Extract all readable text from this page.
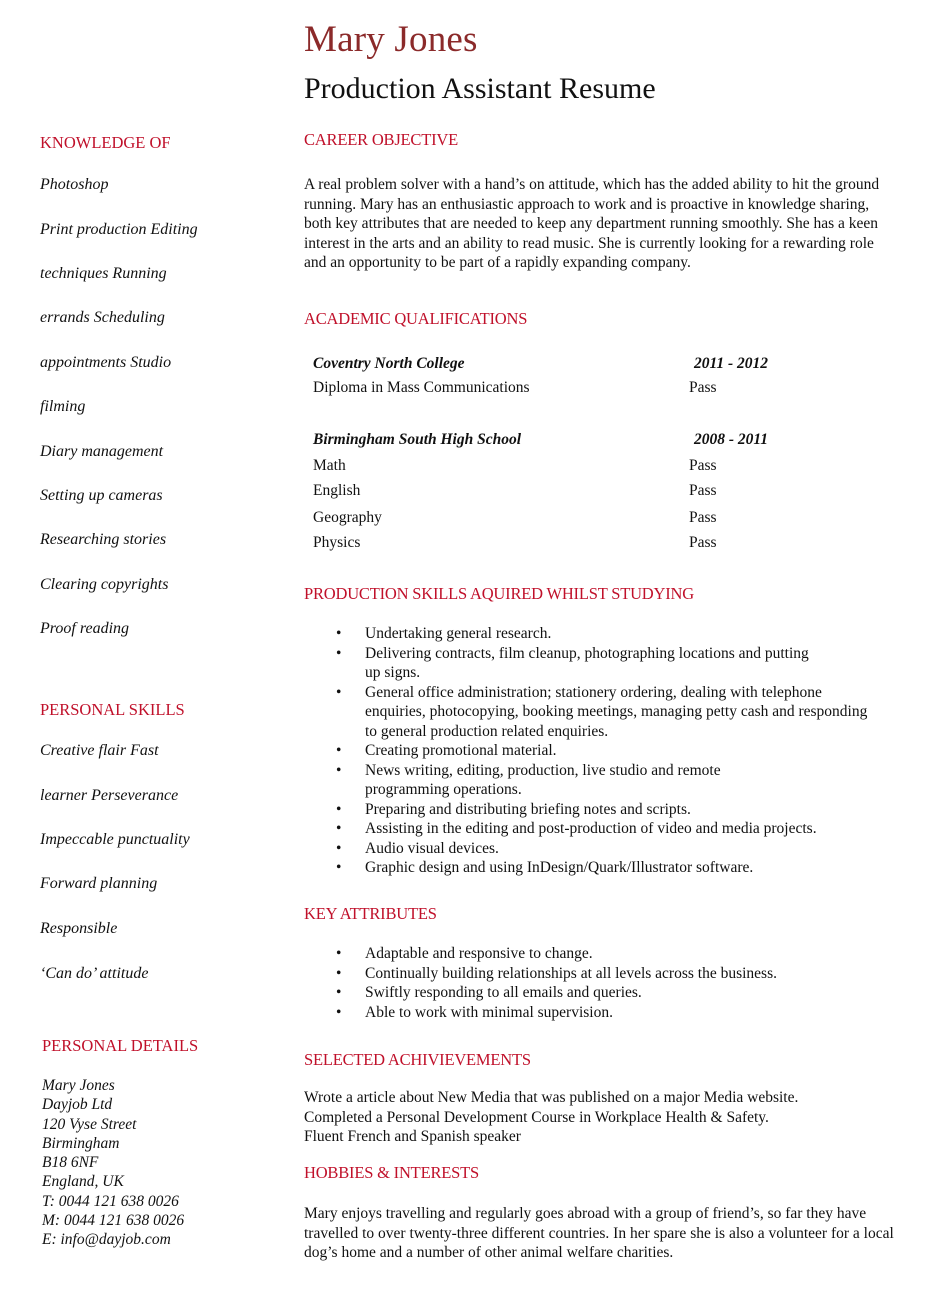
Mary Jones
Production Assistant Resume
KNOWLEDGE OF
Photoshop
Print production Editing
techniques Running
errands Scheduling
appointments Studio
filming
Diary management
Setting up cameras
Researching stories
Clearing copyrights
Proof reading
PERSONAL SKILLS
Creative flair Fast
learner Perseverance
Impeccable punctuality
Forward planning
Responsible
‘Can do’ attitude
PERSONAL DETAILS
Mary Jones
Dayjob Ltd
120 Vyse Street
Birmingham
B18 6NF
England, UK
T: 0044 121 638 0026
M: 0044 121 638 0026
E: info@dayjob.com
CAREER OBJECTIVE
A real problem solver with a hand’s on attitude, which has the added ability to hit the ground running. Mary has an enthusiastic approach to work and is proactive in knowledge sharing, both key attributes that are needed to keep any department running smoothly. She has a keen interest in the arts and an ability to read music. She is currently looking for a rewarding role and an opportunity to be part of a rapidly expanding company.
ACADEMIC QUALIFICATIONS
Coventry North College	2011 - 2012
Diploma in Mass Communications	Pass
Birmingham South High School	2008 - 2011
Math	Pass
English	Pass
Geography	Pass
Physics	Pass
PRODUCTION SKILLS AQUIRED WHILST STUDYING
• Undertaking general research.
• Delivering contracts, film cleanup, photographing locations and putting up signs.
• General office administration; stationery ordering, dealing with telephone enquiries, photocopying, booking meetings, managing petty cash and responding to general production related enquiries.
• Creating promotional material.
• News writing, editing, production, live studio and remote programming operations.
• Preparing and distributing briefing notes and scripts.
• Assisting in the editing and post-production of video and media projects.
• Audio visual devices.
• Graphic design and using InDesign/Quark/Illustrator software.
KEY ATTRIBUTES
• Adaptable and responsive to change.
• Continually building relationships at all levels across the business.
• Swiftly responding to all emails and queries.
• Able to work with minimal supervision.
SELECTED ACHIVIEVEMENTS
Wrote a article about New Media that was published on a major Media website.
Completed a Personal Development Course in Workplace Health & Safety.
Fluent French and Spanish speaker
HOBBIES & INTERESTS
Mary enjoys travelling and regularly goes abroad with a group of friend’s, so far they have travelled to over twenty-three different countries. In her spare she is also a volunteer for a local dog’s home and a number of other animal welfare charities.
